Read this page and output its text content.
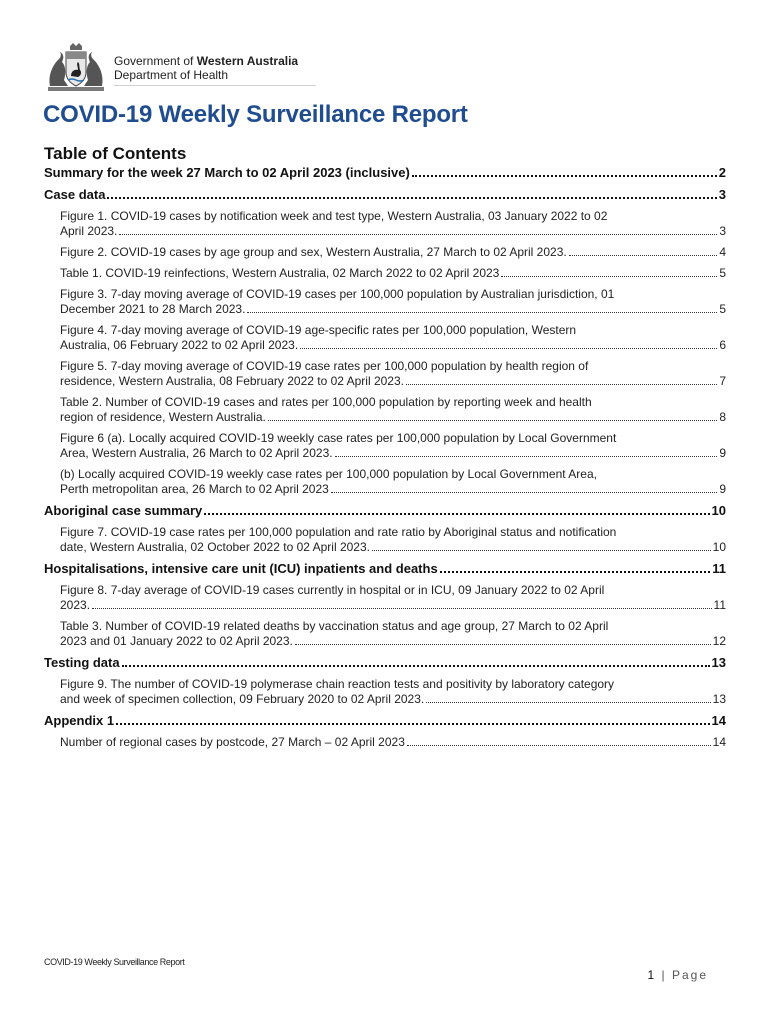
Government of Western Australia
Department of Health
COVID-19 Weekly Surveillance Report
Table of Contents
Summary for the week 27 March to 02 April 2023 (inclusive)	2
Case data	3
Figure 1. COVID-19 cases by notification week and test type, Western Australia, 03 January 2022 to 02
April 2023.	3
Figure 2. COVID-19 cases by age group and sex, Western Australia, 27 March to 02 April 2023.	4
Table 1. COVID-19 reinfections, Western Australia, 02 March 2022 to 02 April 2023	5
Figure 3. 7-day moving average of COVID-19 cases per 100,000 population by Australian jurisdiction, 01
December 2021 to 28 March 2023.	5
Figure 4. 7-day moving average of COVID-19 age-specific rates per 100,000 population, Western
Australia, 06 February 2022 to 02 April 2023.	6
Figure 5. 7-day moving average of COVID-19 case rates per 100,000 population by health region of
residence, Western Australia, 08 February 2022 to 02 April 2023.	7
Table 2. Number of COVID-19 cases and rates per 100,000 population by reporting week and health
region of residence, Western Australia.	8
Figure 6 (a). Locally acquired COVID-19 weekly case rates per 100,000 population by Local Government
Area, Western Australia, 26 March to 02 April 2023.	9
(b) Locally acquired COVID-19 weekly case rates per 100,000 population by Local Government Area,
Perth metropolitan area, 26 March to 02 April 2023	9
Aboriginal case summary	10
Figure 7. COVID-19 case rates per 100,000 population and rate ratio by Aboriginal status and notification
date, Western Australia, 02 October 2022 to 02 April 2023.	10
Hospitalisations, intensive care unit (ICU) inpatients and deaths	11
Figure 8. 7-day average of COVID-19 cases currently in hospital or in ICU, 09 January 2022 to 02 April
2023.	11
Table 3. Number of COVID-19 related deaths by vaccination status and age group, 27 March to 02 April
2023 and 01 January 2022 to 02 April 2023.	12
Testing data	13
Figure 9. The number of COVID-19 polymerase chain reaction tests and positivity by laboratory category
and week of specimen collection, 09 February 2020 to 02 April 2023.	13
Appendix 1	14
Number of regional cases by postcode, 27 March – 02 April 2023	14
COVID-19 Weekly Surveillance Report
1 | Page
